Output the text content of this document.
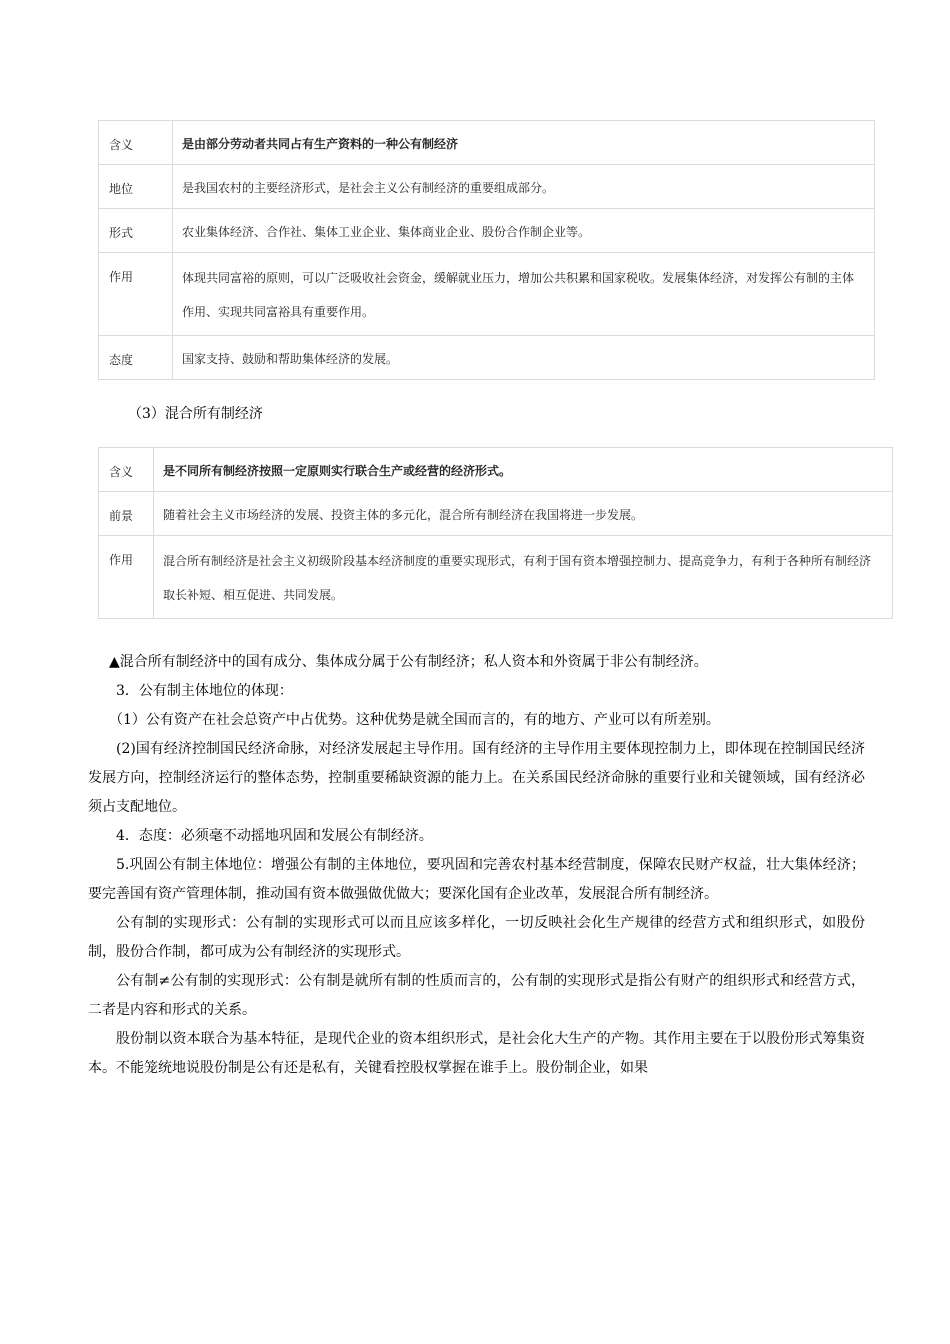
含义	是由部分劳动者共同占有生产资料的一种公有制经济
地位	是我国农村的主要经济形式，是社会主义公有制经济的重要组成部分。
形式	农业集体经济、合作社、集体工业企业、集体商业企业、股份合作制企业等。
作用	体现共同富裕的原则，可以广泛吸收社会资金，缓解就业压力，增加公共积累和国家税收。发展集体经济，对发挥公有制的主体作用、实现共同富裕具有重要作用。
态度	国家支持、鼓励和帮助集体经济的发展。
（3）混合所有制经济
含义	是不同所有制经济按照一定原则实行联合生产或经营的经济形式。
前景	随着社会主义市场经济的发展、投资主体的多元化，混合所有制经济在我国将进一步发展。
作用	混合所有制经济是社会主义初级阶段基本经济制度的重要实现形式，有利于国有资本增强控制力、提高竞争力，有利于各种所有制经济取长补短、相互促进、共同发展。

▲混合所有制经济中的国有成分、集体成分属于公有制经济；私人资本和外资属于非公有制经济。

3．公有制主体地位的体现：

（1）公有资产在社会总资产中占优势。这种优势是就全国而言的，有的地方、产业可以有所差别。

(2)国有经济控制国民经济命脉，对经济发展起主导作用。国有经济的主导作用主要体现控制力上，即体现在控制国民经济发展方向，控制经济运行的整体态势，控制重要稀缺资源的能力上。在关系国民经济命脉的重要行业和关键领域，国有经济必须占支配地位。

4．态度：必须毫不动摇地巩固和发展公有制经济。

5.巩固公有制主体地位：增强公有制的主体地位，要巩固和完善农村基本经营制度，保障农民财产权益，壮大集体经济；要完善国有资产管理体制，推动国有资本做强做优做大；要深化国有企业改革，发展混合所有制经济。

公有制的实现形式：公有制的实现形式可以而且应该多样化，一切反映社会化生产规律的经营方式和组织形式，如股份制，股份合作制，都可成为公有制经济的实现形式。

公有制≠公有制的实现形式：公有制是就所有制的性质而言的，公有制的实现形式是指公有财产的组织形式和经营方式，二者是内容和形式的关系。

股份制以资本联合为基本特征，是现代企业的资本组织形式，是社会化大生产的产物。其作用主要在于以股份形式筹集资本。不能笼统地说股份制是公有还是私有，关键看控股权掌握在谁手上。股份制企业，如果
